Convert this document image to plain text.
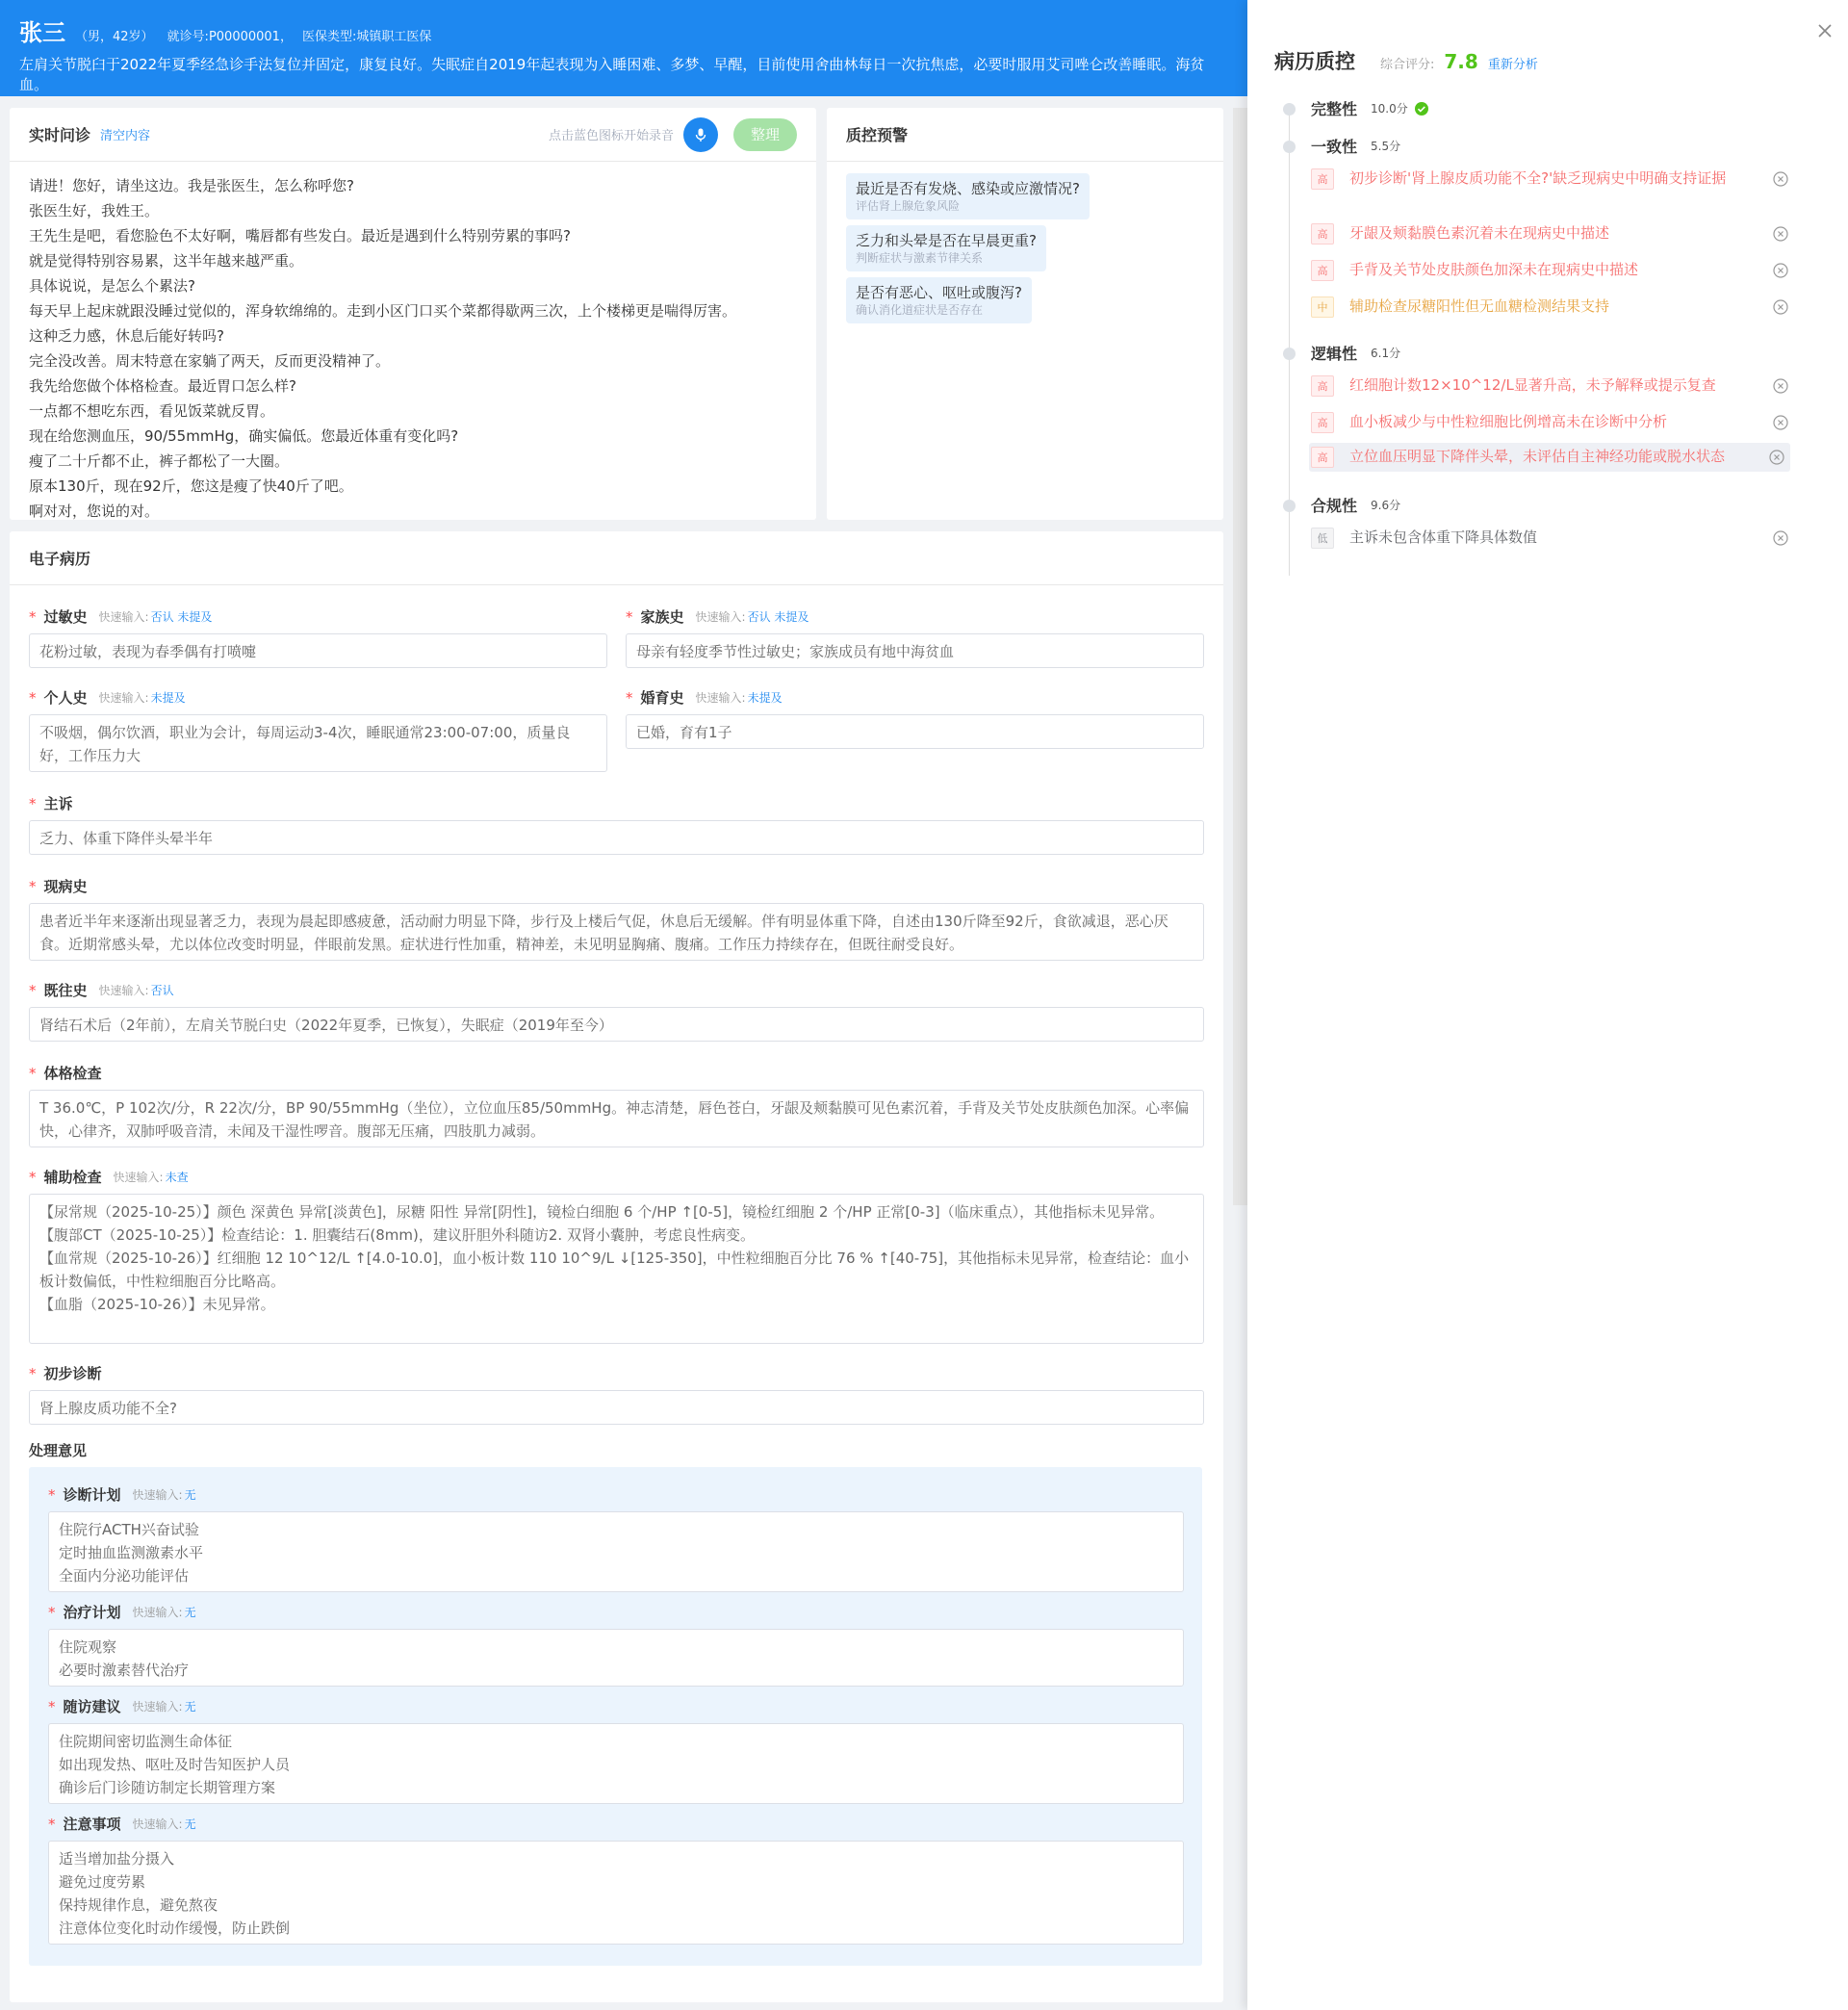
张三 （男，42岁） 就诊号: P00000001， 医保类型: 城镇职工医保
左肩关节脱臼于2022年夏季经急诊手法复位并固定，康复良好。失眠症自2019年起表现为入睡困难、多梦、早醒，目前使用舍曲林每日一次抗焦虑，必要时服用艾司唑仑改善睡眠。海贫血。
实时问诊 清空内容	点击蓝色图标开始录音	整理
请进！您好，请坐这边。我是张医生，怎么称呼您?
张医生好，我姓王。
王先生是吧，看您脸色不太好啊，嘴唇都有些发白。最近是遇到什么特别劳累的事吗?
就是觉得特别容易累，这半年越来越严重。
具体说说，是怎么个累法?
每天早上起床就跟没睡过觉似的，浑身软绵绵的。走到小区门口买个菜都得歇两三次，上个楼梯更是喘得厉害。
这种乏力感，休息后能好转吗?
完全没改善。周末特意在家躺了两天，反而更没精神了。
我先给您做个体格检查。最近胃口怎么样?
一点都不想吃东西，看见饭菜就反胃。
现在给您测血压，90/55mmHg，确实偏低。您最近体重有变化吗?
瘦了二十斤都不止，裤子都松了一大圈。
原本130斤，现在92斤，您这是瘦了快40斤了吧。
啊对对，您说的对。
质控预警
最近是否有发烧、感染或应激情况?
评估肾上腺危象风险
乏力和头晕是否在早晨更重?
判断症状与激素节律关系
是否有恶心、呕吐或腹泻?
确认消化道症状是否存在
电子病历
* 过敏史 快速输入: 否认 未提及
花粉过敏，表现为春季偶有打喷嚏
* 家族史 快速输入: 否认 未提及
母亲有轻度季节性过敏史；家族成员有地中海贫血
* 个人史 快速输入: 未提及
不吸烟，偶尔饮酒，职业为会计，每周运动3-4次，睡眠通常23:00-07:00，质量良好，工作压力大
* 婚育史 快速输入: 未提及
已婚，育有1子
* 主诉
乏力、体重下降伴头晕半年
* 现病史
患者近半年来逐渐出现显著乏力，表现为晨起即感疲惫，活动耐力明显下降，步行及上楼后气促，休息后无缓解。伴有明显体重下降，自述由130斤降至92斤，食欲减退，恶心厌食。近期常感头晕，尤以体位改变时明显，伴眼前发黑。症状进行性加重，精神差，未见明显胸痛、腹痛。工作压力持续存在，但既往耐受良好。
* 既往史 快速输入: 否认
肾结石术后（2年前），左肩关节脱臼史（2022年夏季，已恢复），失眠症（2019年至今）
* 体格检查
T 36.0℃，P 102次/分，R 22次/分，BP 90/55mmHg（坐位），立位血压85/50mmHg。神志清楚，唇色苍白，牙龈及颊黏膜可见色素沉着，手背及关节处皮肤颜色加深。心率偏快，心律齐，双肺呼吸音清，未闻及干湿性啰音。腹部无压痛，四肢肌力减弱。
* 辅助检查 快速输入: 未查
【尿常规（2025-10-25）】颜色 深黄色 异常[淡黄色]，尿糖 阳性 异常[阴性]，镜检白细胞 6 个/HP ↑[0-5]，镜检红细胞 2 个/HP 正常[0-3]（临床重点），其他指标未见异常。
【腹部CT（2025-10-25）】检查结论：1. 胆囊结石(8mm)，建议肝胆外科随访2. 双肾小囊肿，考虑良性病变。
【血常规（2025-10-26）】红细胞 12 10^12/L ↑[4.0-10.0]，血小板计数 110 10^9/L ↓[125-350]，中性粒细胞百分比 76 % ↑[40-75]，其他指标未见异常，检查结论：血小板计数偏低，中性粒细胞百分比略高。
【血脂（2025-10-26）】未见异常。
* 初步诊断
肾上腺皮质功能不全?
处理意见
* 诊断计划 快速输入: 无
住院行ACTH兴奋试验
定时抽血监测激素水平
全面内分泌功能评估
* 治疗计划 快速输入: 无
住院观察
必要时激素替代治疗
* 随访建议 快速输入: 无
住院期间密切监测生命体征
如出现发热、呕吐及时告知医护人员
确诊后门诊随访制定长期管理方案
* 注意事项 快速输入: 无
适当增加盐分摄入
避免过度劳累
保持规律作息，避免熬夜
注意体位变化时动作缓慢，防止跌倒
病历质控 综合评分: 7.8 重新分析
完整性 10.0分
一致性 5.5分
高	初步诊断'肾上腺皮质功能不全?'缺乏现病史中明确支持证据
高	牙龈及颊黏膜色素沉着未在现病史中描述
高	手背及关节处皮肤颜色加深未在现病史中描述
中	辅助检查尿糖阳性但无血糖检测结果支持
逻辑性 6.1分
高	红细胞计数12×10^12/L显著升高，未予解释或提示复查
高	血小板减少与中性粒细胞比例增高未在诊断中分析
高	立位血压明显下降伴头晕，未评估自主神经功能或脱水状态
合规性 9.6分
低	主诉未包含体重下降具体数值
